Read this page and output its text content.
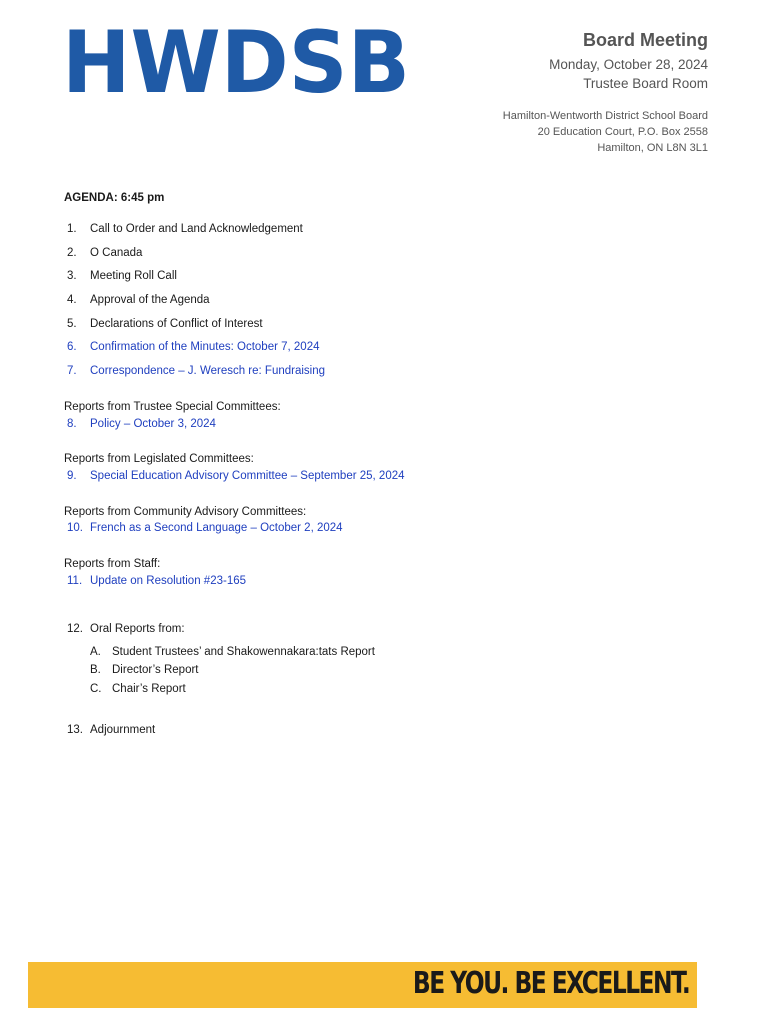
HWDSB	Board Meeting
Monday, October 28, 2024
Trustee Board Room
Hamilton-Wentworth District School Board
20 Education Court, P.O. Box 2558
Hamilton, ON L8N 3L1
AGENDA: 6:45 pm
1. Call to Order and Land Acknowledgement
2. O Canada
3. Meeting Roll Call
4. Approval of the Agenda
5. Declarations of Conflict of Interest
6. Confirmation of the Minutes: October 7, 2024
7. Correspondence – J. Weresch re: Fundraising
Reports from Trustee Special Committees:
8. Policy – October 3, 2024
Reports from Legislated Committees:
9. Special Education Advisory Committee – September 25, 2024
Reports from Community Advisory Committees:
10. French as a Second Language – October 2, 2024
Reports from Staff:
11. Update on Resolution #23-165
12. Oral Reports from:
A. Student Trustees’ and Shakowennakara:tats Report
B. Director’s Report
C. Chair’s Report
13. Adjournment
BE YOU. BE EXCELLENT.
